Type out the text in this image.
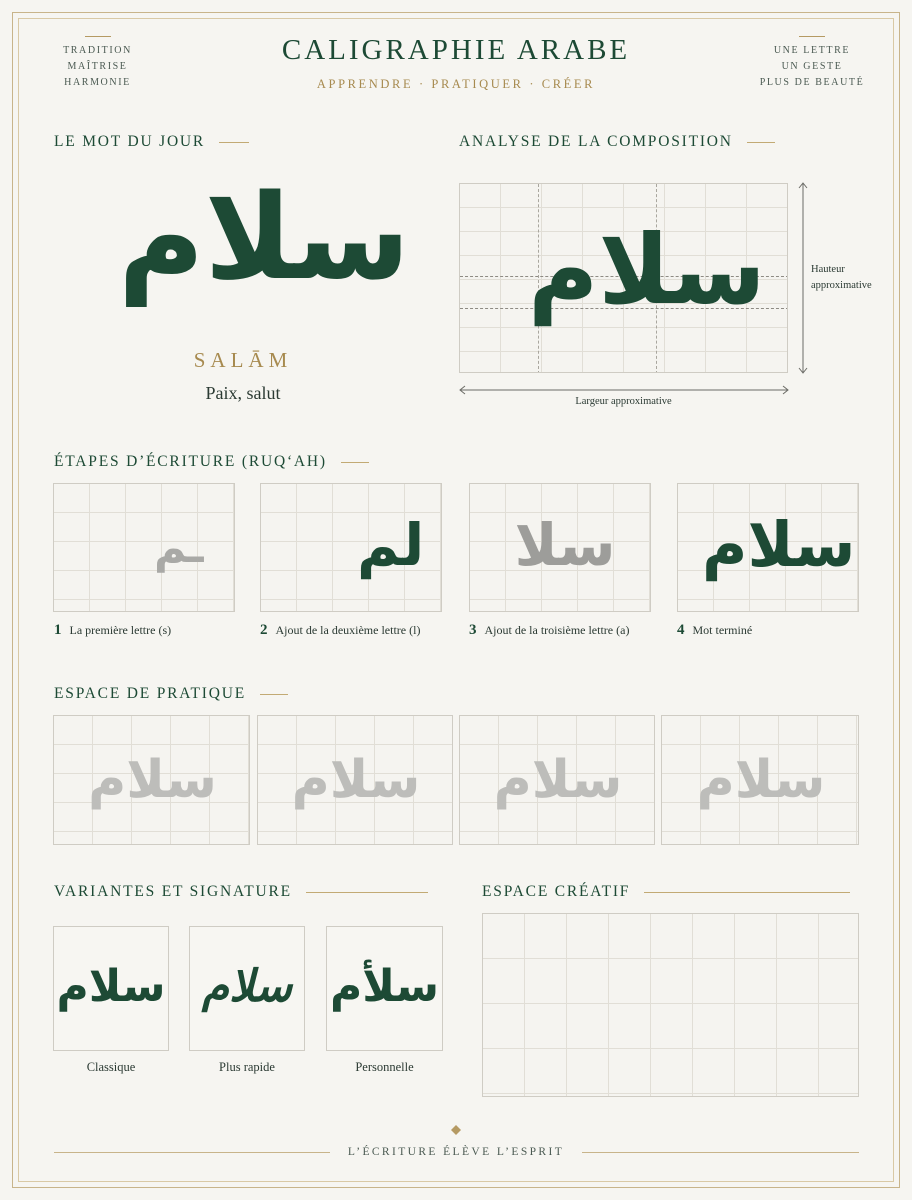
TRADITION
MAÎTRISE
HARMONIE
CALIGRAPHIE ARABE
APPRENDRE · PRATIQUER · CRÉER
UNE LETTRE
UN GESTE
PLUS DE BEAUTÉ
LE MOT DU JOUR
سلام
SALĀM
Paix, salut
ANALYSE DE LA COMPOSITION
سلام	Hauteur approximative
Largeur approximative
ÉTAPES D’ÉCRITURE (RUQ‘AH)
ـم	لم سلا سلام
1 La première lettre (s)	2 Ajout de la deuxième lettre (l)	3 Ajout de la troisième lettre (a)	4 Mot terminé
ESPACE DE PRATIQUE
سلام	سلام	سلام	سلام
VARIANTES ET SIGNATURE
سلام سلام سلأم
Classique	Plus rapide	Personnelle
ESPACE CRÉATIF
L’ÉCRITURE ÉLÈVE L’ESPRIT
